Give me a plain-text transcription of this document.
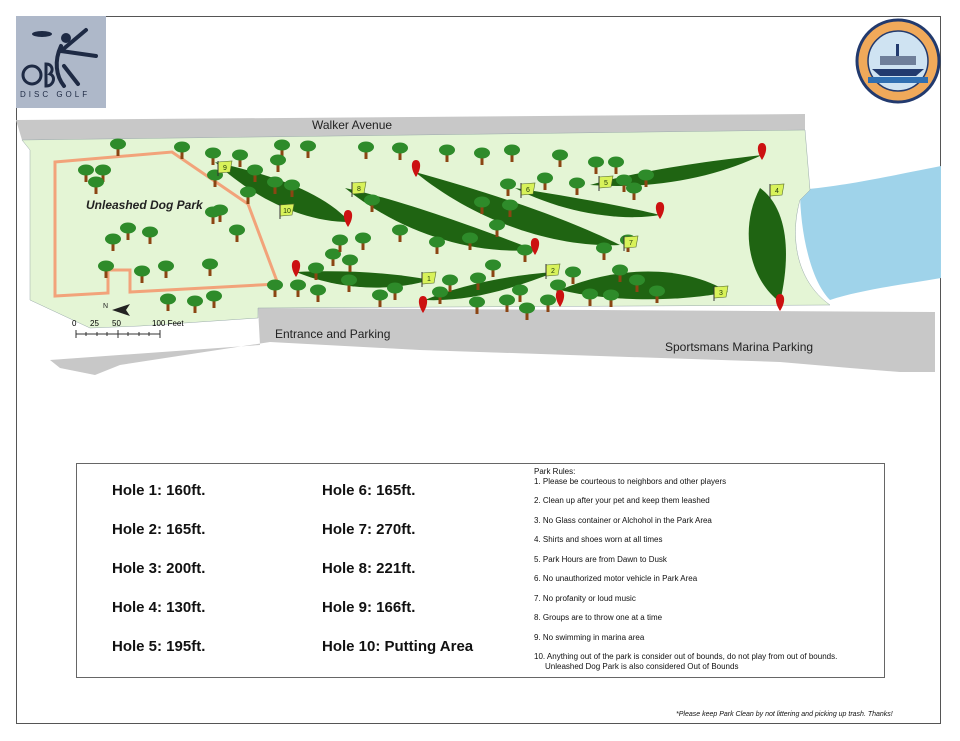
1
2
3
4
5
6
7
8
9
10
DISC GOLF
Walker Avenue
Entrance and Parking
Sportsmans Marina Parking
Unleashed Dog Park
N
0 25 50	100 Feet
Hole 1: 160ft.
Hole 2: 165ft.
Hole 3: 200ft.
Hole 4: 130ft.
Hole 5: 195ft.
Hole 6: 165ft.
Hole 7: 270ft.
Hole 8: 221ft.
Hole 9: 166ft.
Hole 10: Putting Area
Park Rules:
1. Please be courteous to neighbors and other players
2. Clean up after your pet and keep them leashed
3. No Glass container or Alchohol in the Park Area
4. Shirts and shoes worn at all times
5. Park Hours are from Dawn to Dusk
6. No unauthorized motor vehicle in Park Area
7. No profanity or loud music
8. Groups are to throw one at a time
9. No swimming in marina area
10. Anything out of the park is consider out of bounds, do not play from out of bounds.
Unleashed Dog Park is also considered Out of Bounds
*Please keep Park Clean by not littering and picking up trash. Thanks!
